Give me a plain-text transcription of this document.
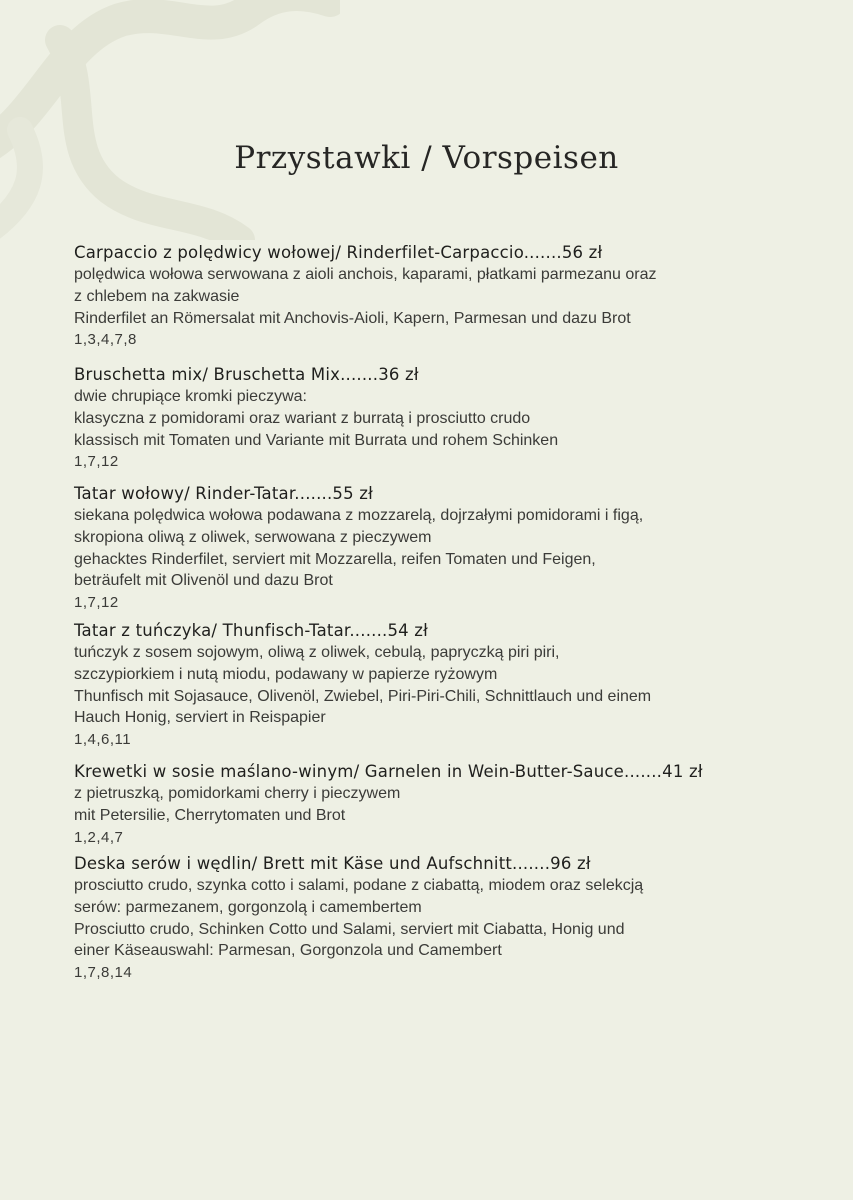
Przystawki / Vorspeisen
Carpaccio z polędwicy wołowej/ Rinderfilet-Carpaccio.......56 zł
polędwica wołowa serwowana z aioli anchois, kaparami, płatkami parmezanu oraz
z chlebem na zakwasie
Rinderfilet an Römersalat mit Anchovis-Aioli, Kapern, Parmesan und dazu Brot
1,3,4,7,8
Bruschetta mix/ Bruschetta Mix.......36 zł
dwie chrupiące kromki pieczywa:
klasyczna z pomidorami oraz wariant z burratą i prosciutto crudo
klassisch mit Tomaten und Variante mit Burrata und rohem Schinken
1,7,12
Tatar wołowy/ Rinder-Tatar.......55 zł
siekana polędwica wołowa podawana z mozzarelą, dojrzałymi pomidorami i figą,
skropiona oliwą z oliwek, serwowana z pieczywem
gehacktes Rinderfilet, serviert mit Mozzarella, reifen Tomaten und Feigen,
beträufelt mit Olivenöl und dazu Brot
1,7,12
Tatar z tuńczyka/ Thunfisch-Tatar.......54 zł
tuńczyk z sosem sojowym, oliwą z oliwek, cebulą, papryczką piri piri,
szczypiorkiem i nutą miodu, podawany w papierze ryżowym
Thunfisch mit Sojasauce, Olivenöl, Zwiebel, Piri-Piri-Chili, Schnittlauch und einem
Hauch Honig, serviert in Reispapier
1,4,6,11
Krewetki w sosie maślano-winym/ Garnelen in Wein-Butter-Sauce.......41 zł
z pietruszką, pomidorkami cherry i pieczywem
mit Petersilie, Cherrytomaten und Brot
1,2,4,7
Deska serów i wędlin/ Brett mit Käse und Aufschnitt.......96 zł
prosciutto crudo, szynka cotto i salami, podane z ciabattą, miodem oraz selekcją
serów: parmezanem, gorgonzolą i camembertem
Prosciutto crudo, Schinken Cotto und Salami, serviert mit Ciabatta, Honig und
einer Käseauswahl: Parmesan, Gorgonzola und Camembert
1,7,8,14
